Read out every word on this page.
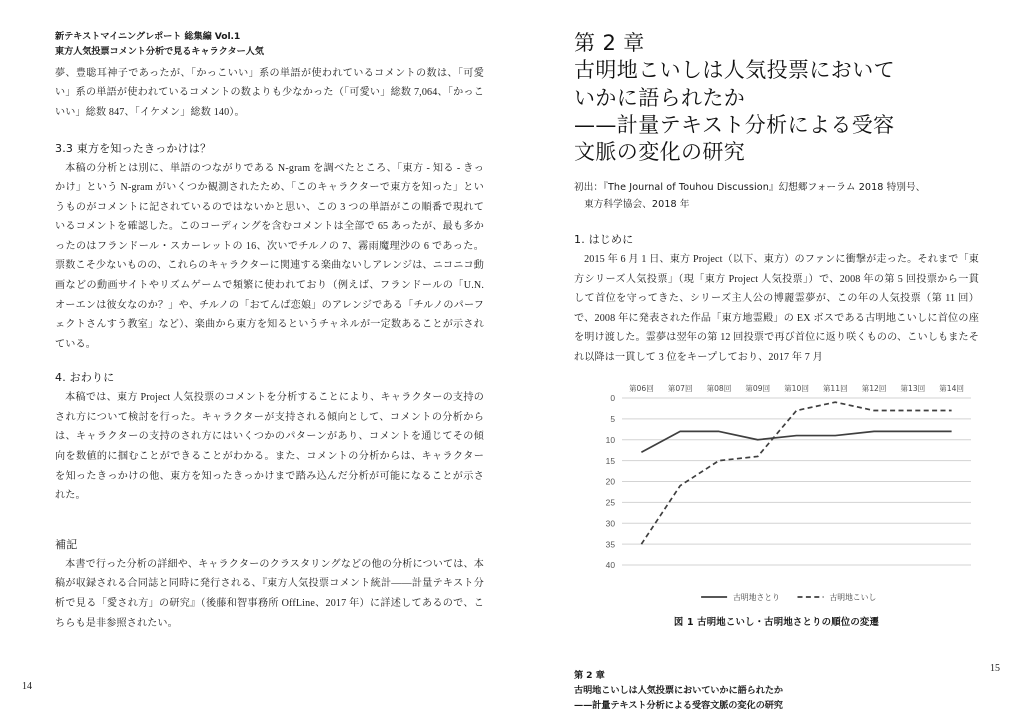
新テキストマイニングレポート 総集編 Vol.1
東方人気投票コメント分析で見るキャラクター人気

夢、豊聡耳神子であったが、「かっこいい」系の単語が使われているコメントの数は、「可愛い」系の単語が使われているコメントの数よりも少なかった（「可愛い」総数 7,064、「かっこいい」総数 847、「イケメン」総数 140）。

3.3 東方を知ったきっかけは？

本稿の分析とは別に、単語のつながりである N-gram を調べたところ、「東方 - 知る - きっかけ」という N-gram がいくつか観測されたため、「このキャラクターで東方を知った」というものがコメントに記されているのではないかと思い、この 3 つの単語がこの順番で現れているコメントを確認した。このコーディングを含むコメントは全部で 65 あったが、最も多かったのはフランドール・スカーレットの 16、次いでチルノの 7、霧雨魔理沙の 6 であった。票数こそ少ないものの、これらのキャラクターに関連する楽曲ないしアレンジは、ニコニコ動画などの動画サイトやリズムゲームで頻繁に使われており（例えば、フランドールの「U.N. オーエンは彼女なのか？」や、チルノの「おてんば恋娘」のアレンジである「チルノのパーフェクトさんすう教室」など）、楽曲から東方を知るというチャネルが一定数あることが示されている。

4. おわりに

本稿では、東方 Project 人気投票のコメントを分析することにより、キャラクターの支持のされ方について検討を行った。キャラクターが支持される傾向として、コメントの分析からは、キャラクターの支持のされ方にはいくつかのパターンがあり、コメントを通じてその傾向を数値的に掴むことができることがわかる。また、コメントの分析からは、キャラクターを知ったきっかけの他、東方を知ったきっかけまで踏み込んだ分析が可能になることが示された。

補記

本書で行った分析の詳細や、キャラクターのクラスタリングなどの他の分析については、本稿が収録される合同誌と同時に発行される、『東方人気投票コメント統計——計量テキスト分析で見る「愛され方」の研究』（後藤和智事務所 OffLine、2017 年）に詳述してあるので、こちらも是非参照されたい。

14
第 2 章
古明地こいしは人気投票において
いかに語られたか
——計量テキスト分析による受容
文脈の変化の研究
初出：『The Journal of Touhou Discussion』幻想郷フォーラム 2018 特別号、
東方科学協会、2018 年
1. はじめに

2015 年 6 月 1 日、東方 Project（以下、東方）のファンに衝撃が走った。それまで「東方シリーズ人気投票」（現「東方 Project 人気投票」）で、2008 年の第 5 回投票から一貫して首位を守ってきた、シリーズ主人公の博麗霊夢が、この年の人気投票（第 11 回）で、2008 年に発表された作品「東方地霊殿」の EX ボスである古明地こいしに首位の座を明け渡した。霊夢は翌年の第 12 回投票で再び首位に返り咲くものの、こいしもまたそれ以降は一貫して 3 位をキープしており、2017 年 7 月

0
5
10
15
20
25
30
35
40
第06回 第07回 第08回 第09回 第10回 第11回 第12回 第13回 第14回
古明地さとり	古明地こいし
図 1 古明地こいし・古明地さとりの順位の変遷
第 2 章
古明地こいしは人気投票においていかに語られたか
——計量テキスト分析による受容文脈の変化の研究
15
